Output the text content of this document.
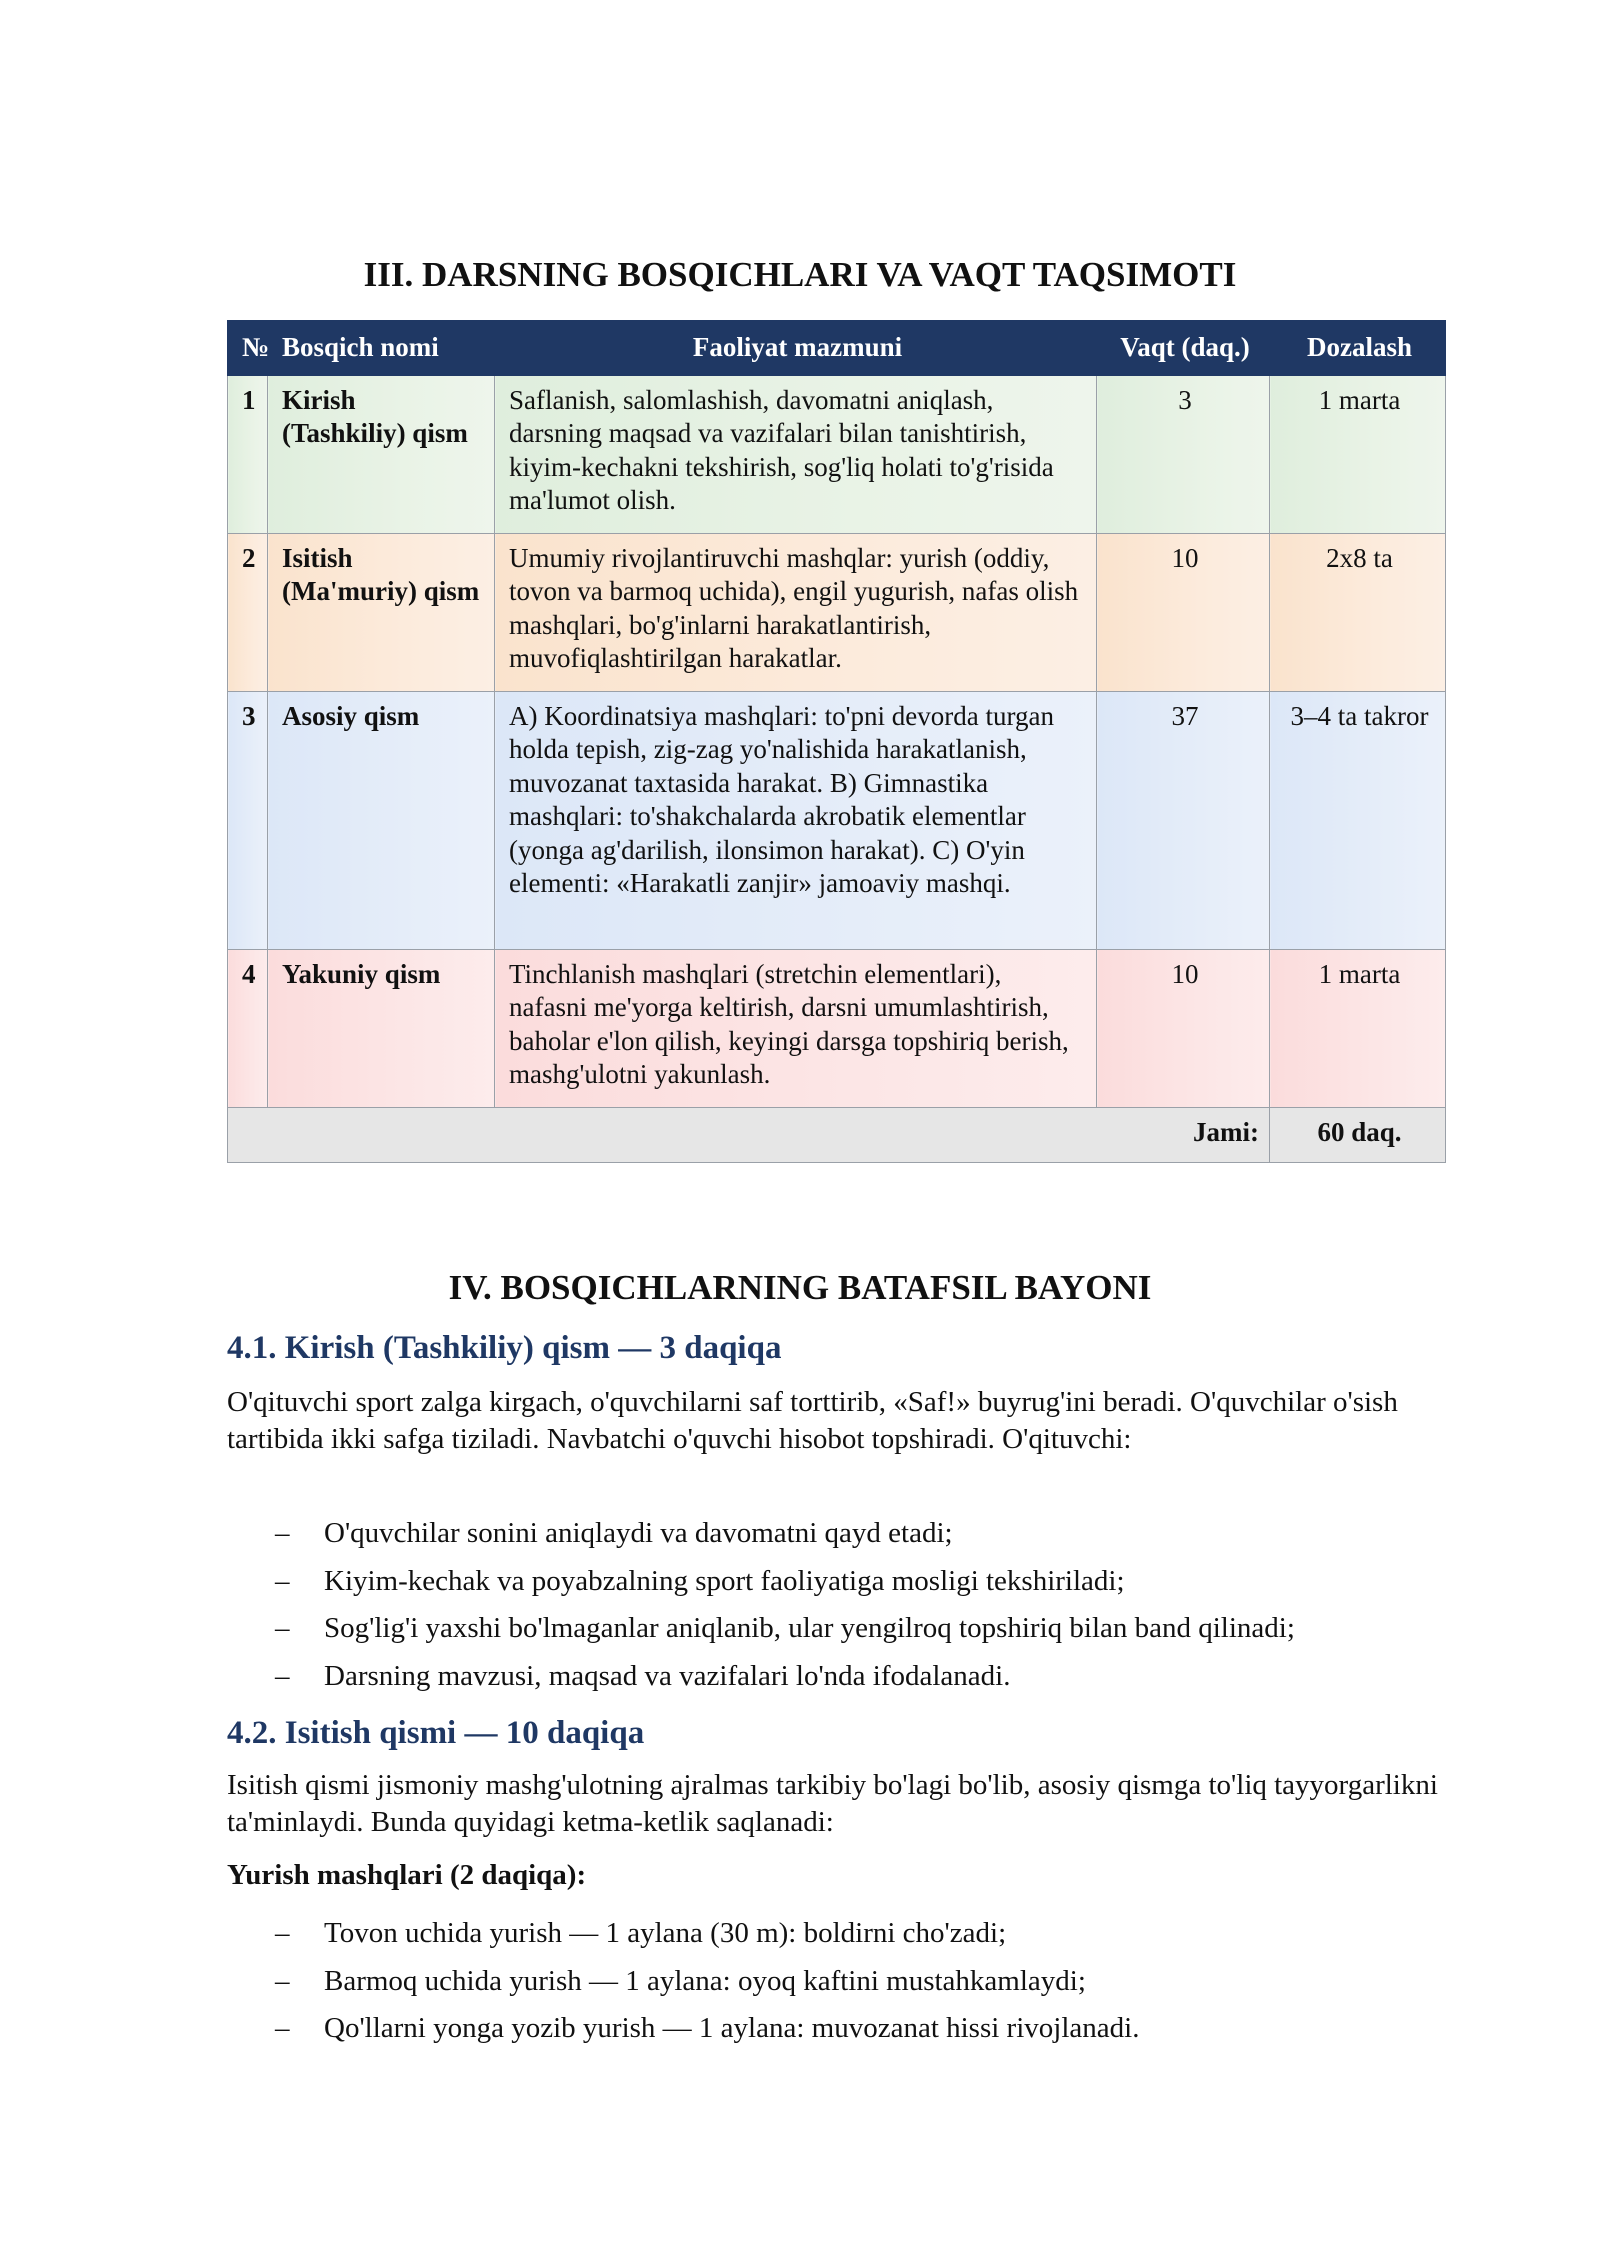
III. DARSNING BOSQICHLARI VA VAQT TAQSIMOTI
№	Bosqich nomi	Faoliyat mazmuni	Vaqt (daq.)	Dozalash
1	Kirish (Tashkiliy) qism	Saflanish, salomlashish, davomatni aniqlash, darsning maqsad va vazifalari bilan tanishtirish, kiyim-kechakni tekshirish, sog'liq holati to'g'risida ma'lumot olish.	3	1 marta
2	Isitish (Ma'muriy) qism	Umumiy rivojlantiruvchi mashqlar: yurish (oddiy, tovon va barmoq uchida), engil yugurish, nafas olish mashqlari, bo'g'inlarni harakatlantirish, muvofiqlashtirilgan harakatlar.	10	2x8 ta
3	Asosiy qism	A) Koordinatsiya mashqlari: to'pni devorda turgan holda tepish, zig-zag yo'nalishida harakatlanish, muvozanat taxtasida harakat. B) Gimnastika mashqlari: to'shakchalarda akrobatik elementlar (yonga ag'darilish, ilonsimon harakat). C) O'yin elementi: «Harakatli zanjir» jamoaviy mashqi.	37	3–4 ta takror
4	Yakuniy qism	Tinchlanish mashqlari (stretchin elementlari), nafasni me'yorga keltirish, darsni umumlashtirish, baholar e'lon qilish, keyingi darsga topshiriq berish, mashg'ulotni yakunlash.	10	1 marta
Jami:				60 daq.
IV. BOSQICHLARNING BATAFSIL BAYONI
4.1. Kirish (Tashkiliy) qism — 3 daqiqa

O'qituvchi sport zalga kirgach, o'quvchilarni saf torttirib, «Saf!» buyrug'ini beradi. O'quvchilar o'sish tartibida ikki safga tiziladi. Navbatchi o'quvchi hisobot topshiradi. O'qituvchi:

– O'quvchilar sonini aniqlaydi va davomatni qayd etadi;
– Kiyim-kechak va poyabzalning sport faoliyatiga mosligi tekshiriladi;
– Sog'lig'i yaxshi bo'lmaganlar aniqlanib, ular yengilroq topshiriq bilan band qilinadi;
– Darsning mavzusi, maqsad va vazifalari lo'nda ifodalanadi.
4.2. Isitish qismi — 10 daqiqa

Isitish qismi jismoniy mashg'ulotning ajralmas tarkibiy bo'lagi bo'lib, asosiy qismga to'liq tayyorgarlikni ta'minlaydi. Bunda quyidagi ketma-ketlik saqlanadi:

Yurish mashqlari (2 daqiqa):

– Tovon uchida yurish — 1 aylana (30 m): boldirni cho'zadi;
– Barmoq uchida yurish — 1 aylana: oyoq kaftini mustahkamlaydi;
– Qo'llarni yonga yozib yurish — 1 aylana: muvozanat hissi rivojlanadi.
